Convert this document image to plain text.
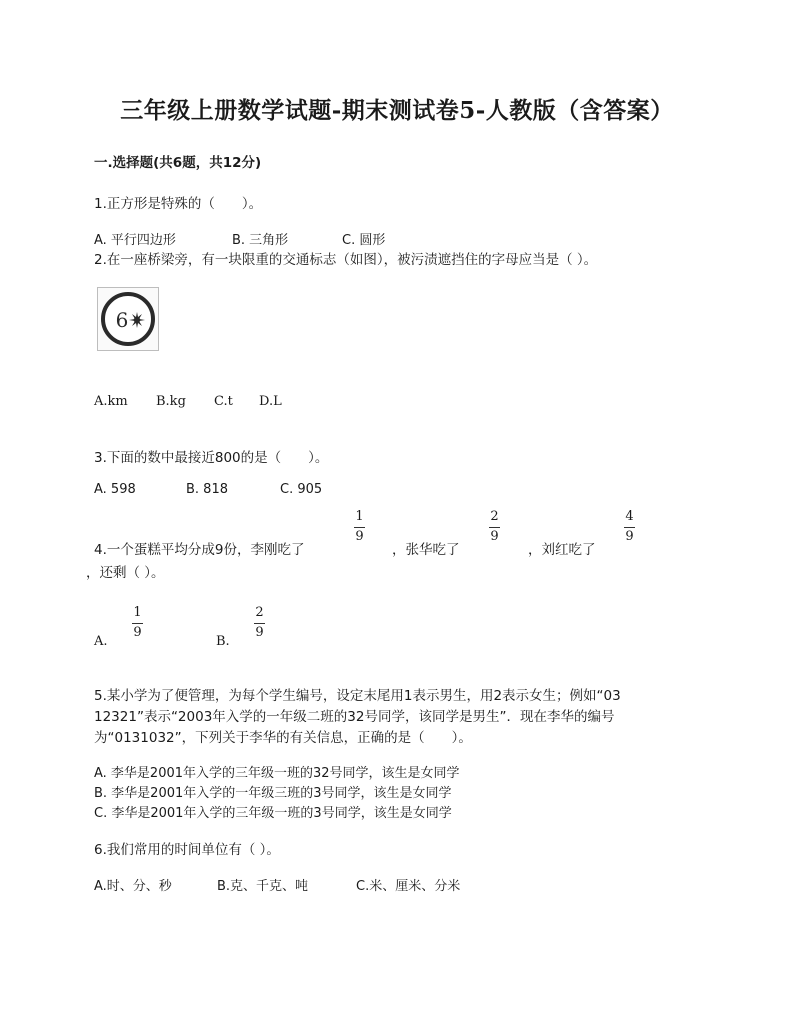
三年级上册数学试题-期末测试卷5-人教版（含答案）
一.选择题(共6题，共12分)
1.正方形是特殊的（　　）。
A. 平行四边形	B. 三角形	C. 圆形
2.在一座桥梁旁，有一块限重的交通标志（如图），被污渍遮挡住的字母应当是（ ）。
6
A.km B.kg C.t D.L
3.下面的数中最接近800的是（　　）。
A. 598	B. 818	C. 905
4.一个蛋糕平均分成9份，李刚吃了
1
9
，张华吃了
2
9
，刘红吃了
4
9
，还剩（ ）。
A.
1
9
B.
2
9
5.某小学为了便管理，为每个学生编号，设定末尾用1表示男生，用2表示女生；例如“03
12321”表示“2003年入学的一年级二班的32号同学，该同学是男生”．现在李华的编号
为“0131032”，下列关于李华的有关信息，正确的是（　　）。
A. 李华是2001年入学的三年级一班的32号同学，该生是女同学
B. 李华是2001年入学的一年级三班的3号同学，该生是女同学
C. 李华是2001年入学的三年级一班的3号同学，该生是女同学
6.我们常用的时间单位有（ ）。
A.时、分、秒	B.克、千克、吨	C.米、厘米、分米
